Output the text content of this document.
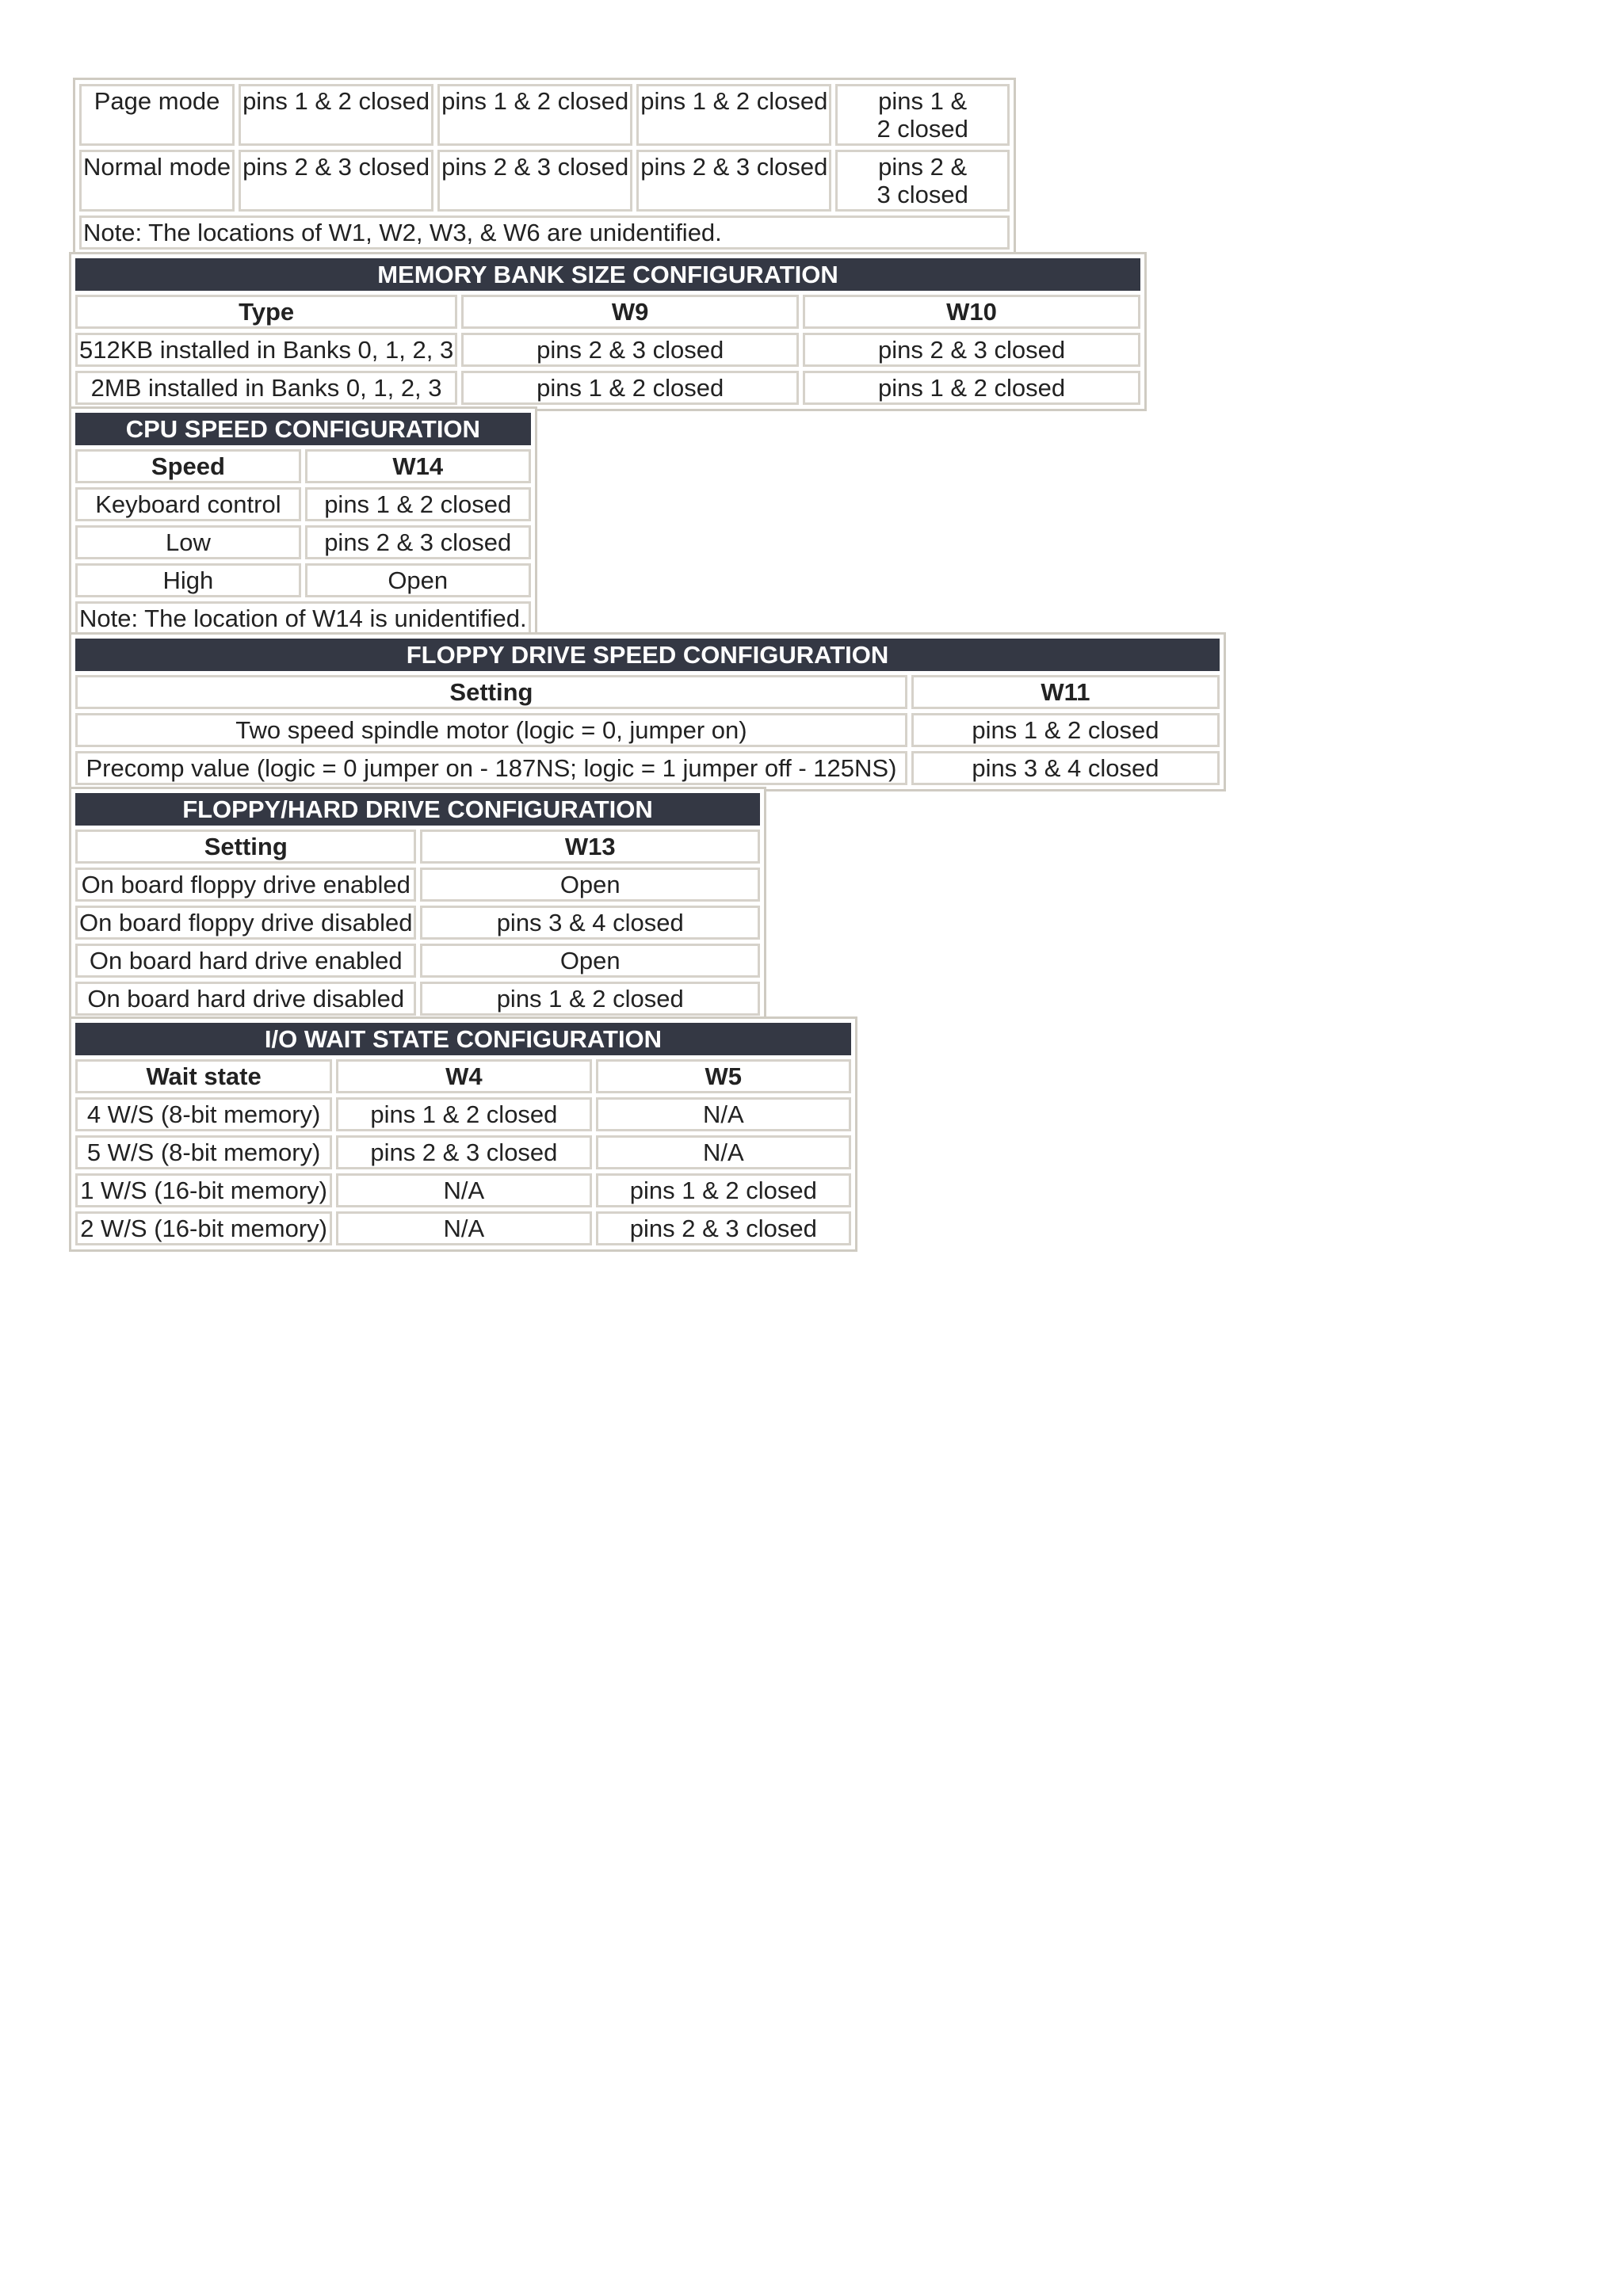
Page mode	pins 1 & 2 closed	pins 1 & 2 closed	pins 1 & 2 closed	pins 1 & 2 closed
Normal mode	pins 2 & 3 closed	pins 2 & 3 closed	pins 2 & 3 closed	pins 2 & 3 closed
Note: The locations of W1, W2, W3, & W6 are unidentified.				
MEMORY BANK SIZE CONFIGURATION		
Type	W9	W10
512KB installed in Banks 0, 1, 2, 3	pins 2 & 3 closed	pins 2 & 3 closed
2MB installed in Banks 0, 1, 2, 3	pins 1 & 2 closed	pins 1 & 2 closed
CPU SPEED CONFIGURATION	
Speed	W14
Keyboard control	pins 1 & 2 closed
Low	pins 2 & 3 closed
High	Open
Note: The location of W14 is unidentified.	
FLOPPY DRIVE SPEED CONFIGURATION	
Setting	W11
Two speed spindle motor (logic = 0, jumper on)	pins 1 & 2 closed
Precomp value (logic = 0 jumper on - 187NS; logic = 1 jumper off - 125NS)	pins 3 & 4 closed
FLOPPY/HARD DRIVE CONFIGURATION	
Setting	W13
On board floppy drive enabled	Open
On board floppy drive disabled	pins 3 & 4 closed
On board hard drive enabled	Open
On board hard drive disabled	pins 1 & 2 closed
I/O WAIT STATE CONFIGURATION		
Wait state	W4	W5
4 W/S (8-bit memory)	pins 1 & 2 closed	N/A
5 W/S (8-bit memory)	pins 2 & 3 closed	N/A
1 W/S (16-bit memory)	N/A	pins 1 & 2 closed
2 W/S (16-bit memory)	N/A	pins 2 & 3 closed
